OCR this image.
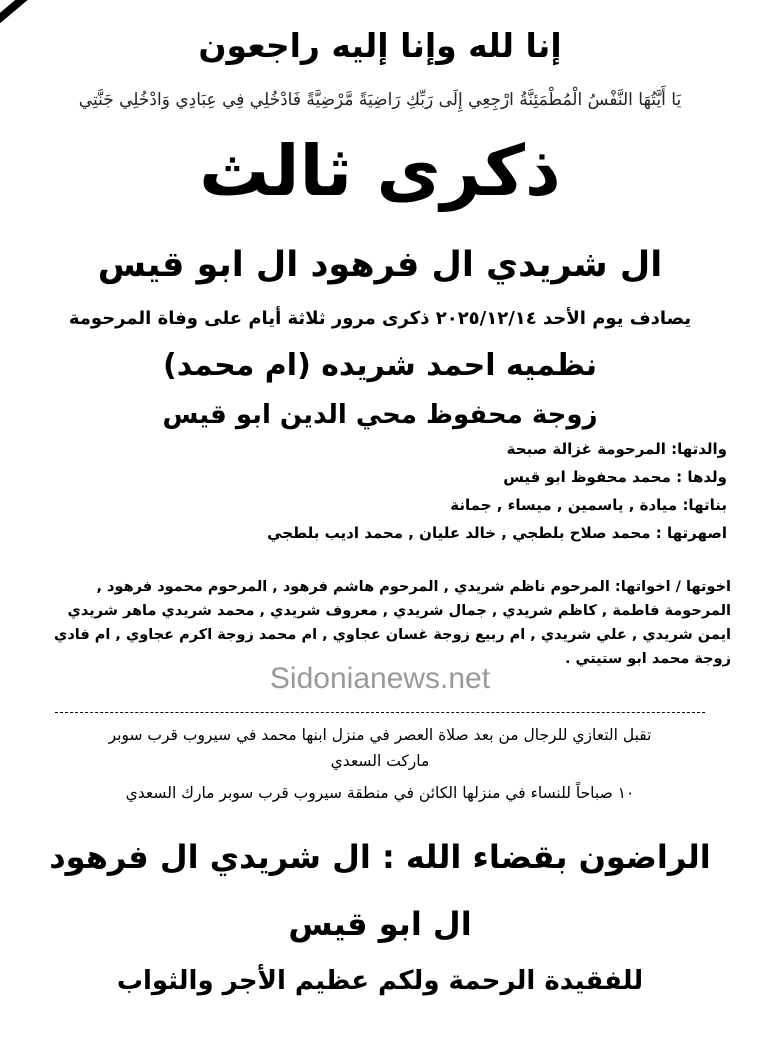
إنا لله وإنا إليه راجعون
يَا أَيَّتُهَا النَّفْسُ الْمُطْمَئِنَّةُ ارْجِعِي إِلَى رَبِّكِ رَاضِيَةً مَّرْضِيَّةً فَادْخُلِي فِي عِبَادِي وَادْخُلِي جَنَّتِي
ذكرى ثالث
ال شريدي ال فرهود ال ابو قيس
يصادف يوم الأحد ٢٠٢٥/١٢/١٤ ذكرى مرور ثلاثة أيام على وفاة المرحومة
نظميه احمد شريده (ام محمد)
زوجة محفوظ محي الدين ابو قيس
والدتها: المرحومة غزالة صبحة
ولدها : محمد محفوظ ابو قيس
بناتها: ميادة , ياسمين , ميساء , جمانة
اصهرتها : محمد صلاح بلطجي , خالد عليان , محمد اديب بلطجي
اخوتها / اخواتها: المرحوم ناظم شريدي , المرحوم هاشم فرهود , المرحوم محمود فرهود ,
المرحومة فاطمة , كاظم شريدي , جمال شريدي , معروف شريدي , محمد شريدي ماهر شريدي
ايمن شريدي , علي شريدي , ام ربيع زوجة غسان عجاوي , ام محمد زوجة اكرم عجاوي , ام فادي
زوجة محمد ابو ستيتي .
Sidonianews.net
تقبل التعازي للرجال من بعد صلاة العصر في منزل ابنها محمد في سيروب قرب سوبر
ماركت السعدي
١٠ صباحاً للنساء في منزلها الكائن في منطقة سيروب قرب سوبر مارك السعدي
الراضون بقضاء الله : ال شريدي ال فرهود
ال ابو قيس
للفقيدة الرحمة ولكم عظيم الأجر والثواب
